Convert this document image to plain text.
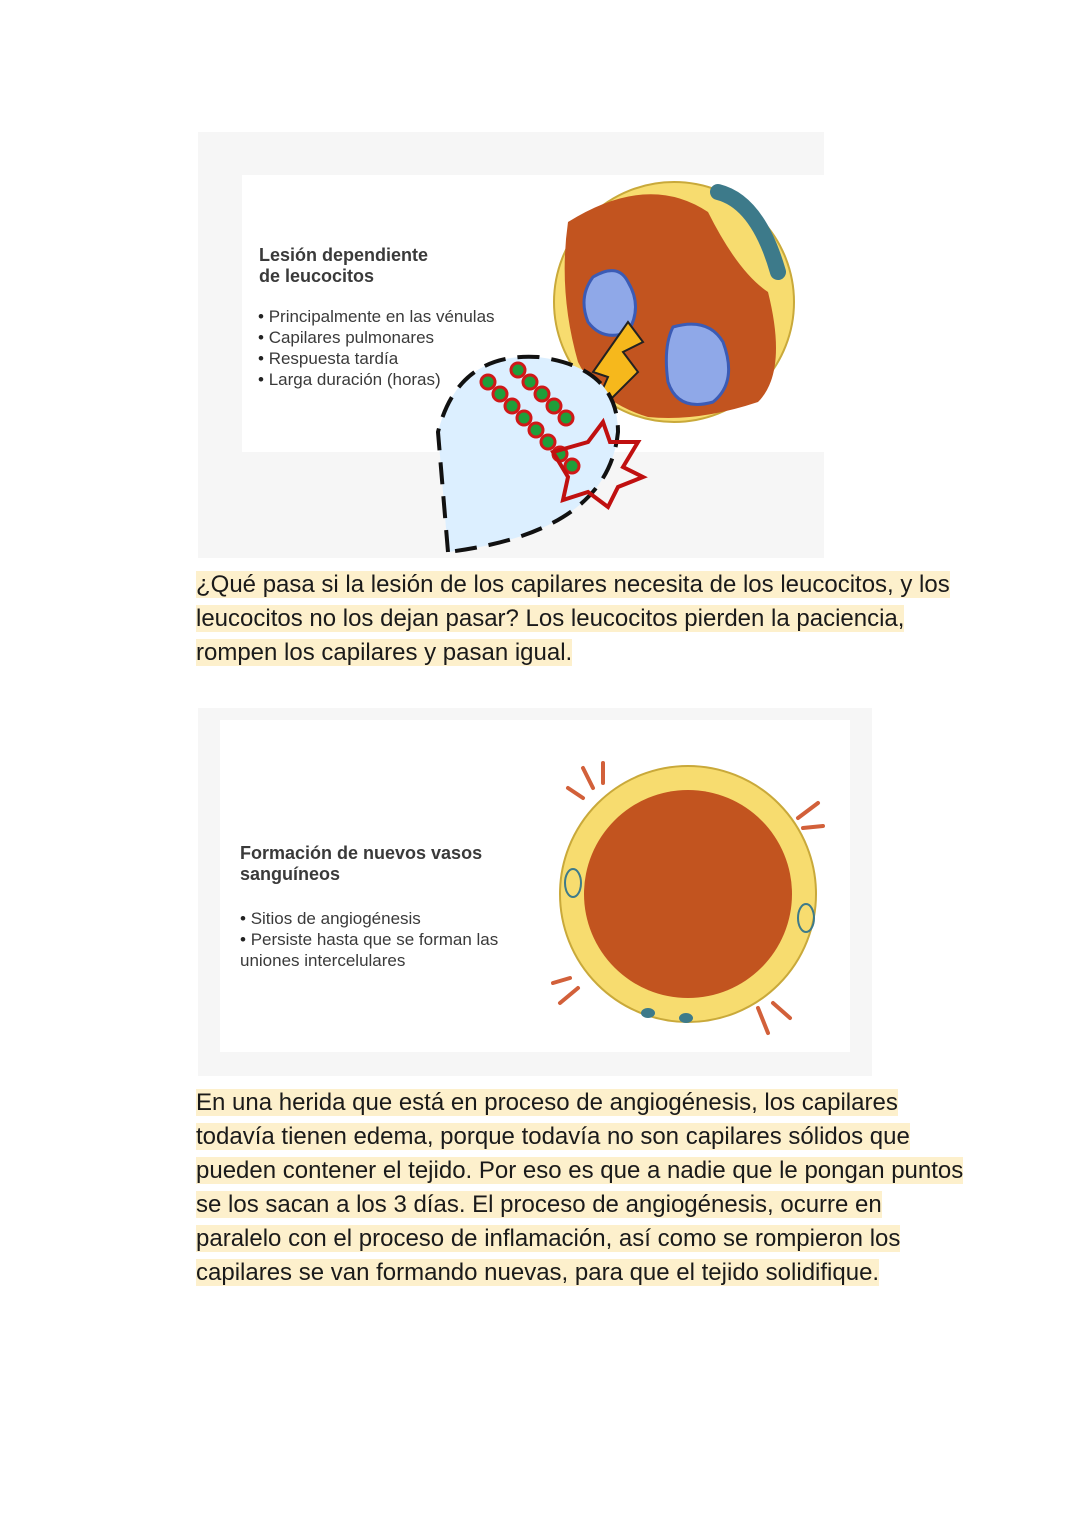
Lesión dependiente de leucocitos
• Principalmente en las vénulas
• Capilares pulmonares
• Respuesta tardía
• Larga duración (horas)

¿Qué pasa si la lesión de los capilares necesita de los leucocitos, y los leucocitos no los dejan pasar? Los leucocitos pierden la paciencia, rompen los capilares y pasan igual.

Formación de nuevos vasos sanguíneos
• Sitios de angiogénesis
• Persiste hasta que se forman las uniones intercelulares

En una herida que está en proceso de angiogénesis, los capilares todavía tienen edema, porque todavía no son capilares sólidos que pueden contener el tejido. Por eso es que a nadie que le pongan puntos se los sacan a los 3 días. El proceso de angiogénesis, ocurre en paralelo con el proceso de inflamación, así como se rompieron los capilares se van formando nuevas, para que el tejido solidifique.
